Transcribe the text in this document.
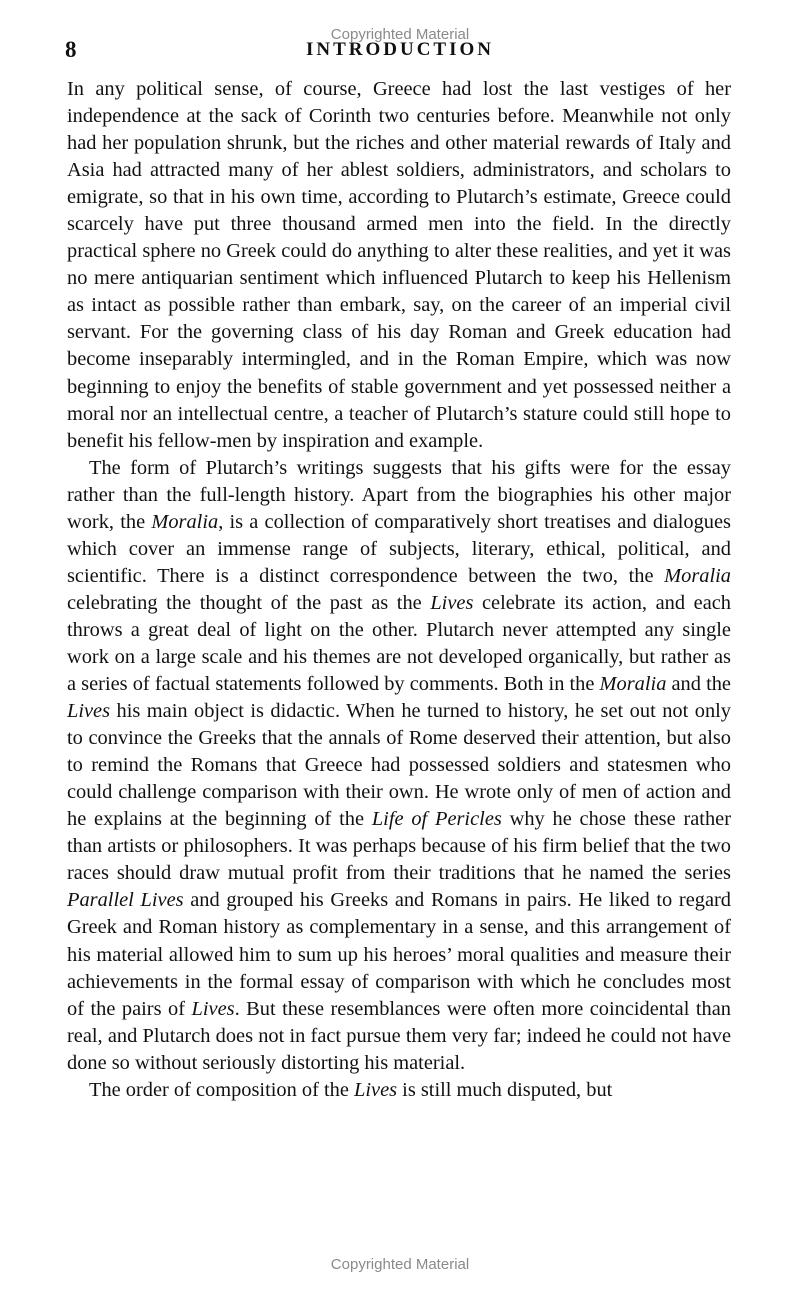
Copyrighted Material
8	INTRODUCTION

In any political sense, of course, Greece had lost the last vestiges of her independence at the sack of Corinth two centuries before. Meanwhile not only had her population shrunk, but the riches and other material rewards of Italy and Asia had attracted many of her ablest soldiers, administrators, and scholars to emigrate, so that in his own time, according to Plutarch’s estimate, Greece could scarcely have put three thousand armed men into the field. In the directly practical sphere no Greek could do anything to alter these realities, and yet it was no mere antiquarian sentiment which influenced Plutarch to keep his Hellenism as intact as possible rather than embark, say, on the career of an imperial civil servant. For the governing class of his day Roman and Greek education had become inseparably intermingled, and in the Roman Empire, which was now beginning to enjoy the benefits of stable government and yet possessed neither a moral nor an intellectual centre, a teacher of Plutarch’s stature could still hope to benefit his fellow-men by inspiration and example.

The form of Plutarch’s writings suggests that his gifts were for the essay rather than the full-length history. Apart from the biographies his other major work, the Moralia, is a collection of comparatively short treatises and dialogues which cover an immense range of subjects, literary, ethical, political, and scientific. There is a distinct correspondence between the two, the Moralia celebrating the thought of the past as the Lives celebrate its action, and each throws a great deal of light on the other. Plutarch never attempted any single work on a large scale and his themes are not developed organically, but rather as a series of factual statements followed by comments. Both in the Moralia and the Lives his main object is didactic. When he turned to history, he set out not only to convince the Greeks that the annals of Rome deserved their attention, but also to remind the Romans that Greece had possessed soldiers and statesmen who could challenge comparison with their own. He wrote only of men of action and he explains at the beginning of the Life of Pericles why he chose these rather than artists or philosophers. It was perhaps because of his firm belief that the two races should draw mutual profit from their traditions that he named the series Parallel Lives and grouped his Greeks and Romans in pairs. He liked to regard Greek and Roman history as complementary in a sense, and this arrangement of his material allowed him to sum up his heroes’ moral qualities and measure their achievements in the formal essay of comparison with which he concludes most of the pairs of Lives. But these resemblances were often more coincidental than real, and Plutarch does not in fact pursue them very far; indeed he could not have done so without seriously distorting his material.

The order of composition of the Lives is still much disputed, but

Copyrighted Material
